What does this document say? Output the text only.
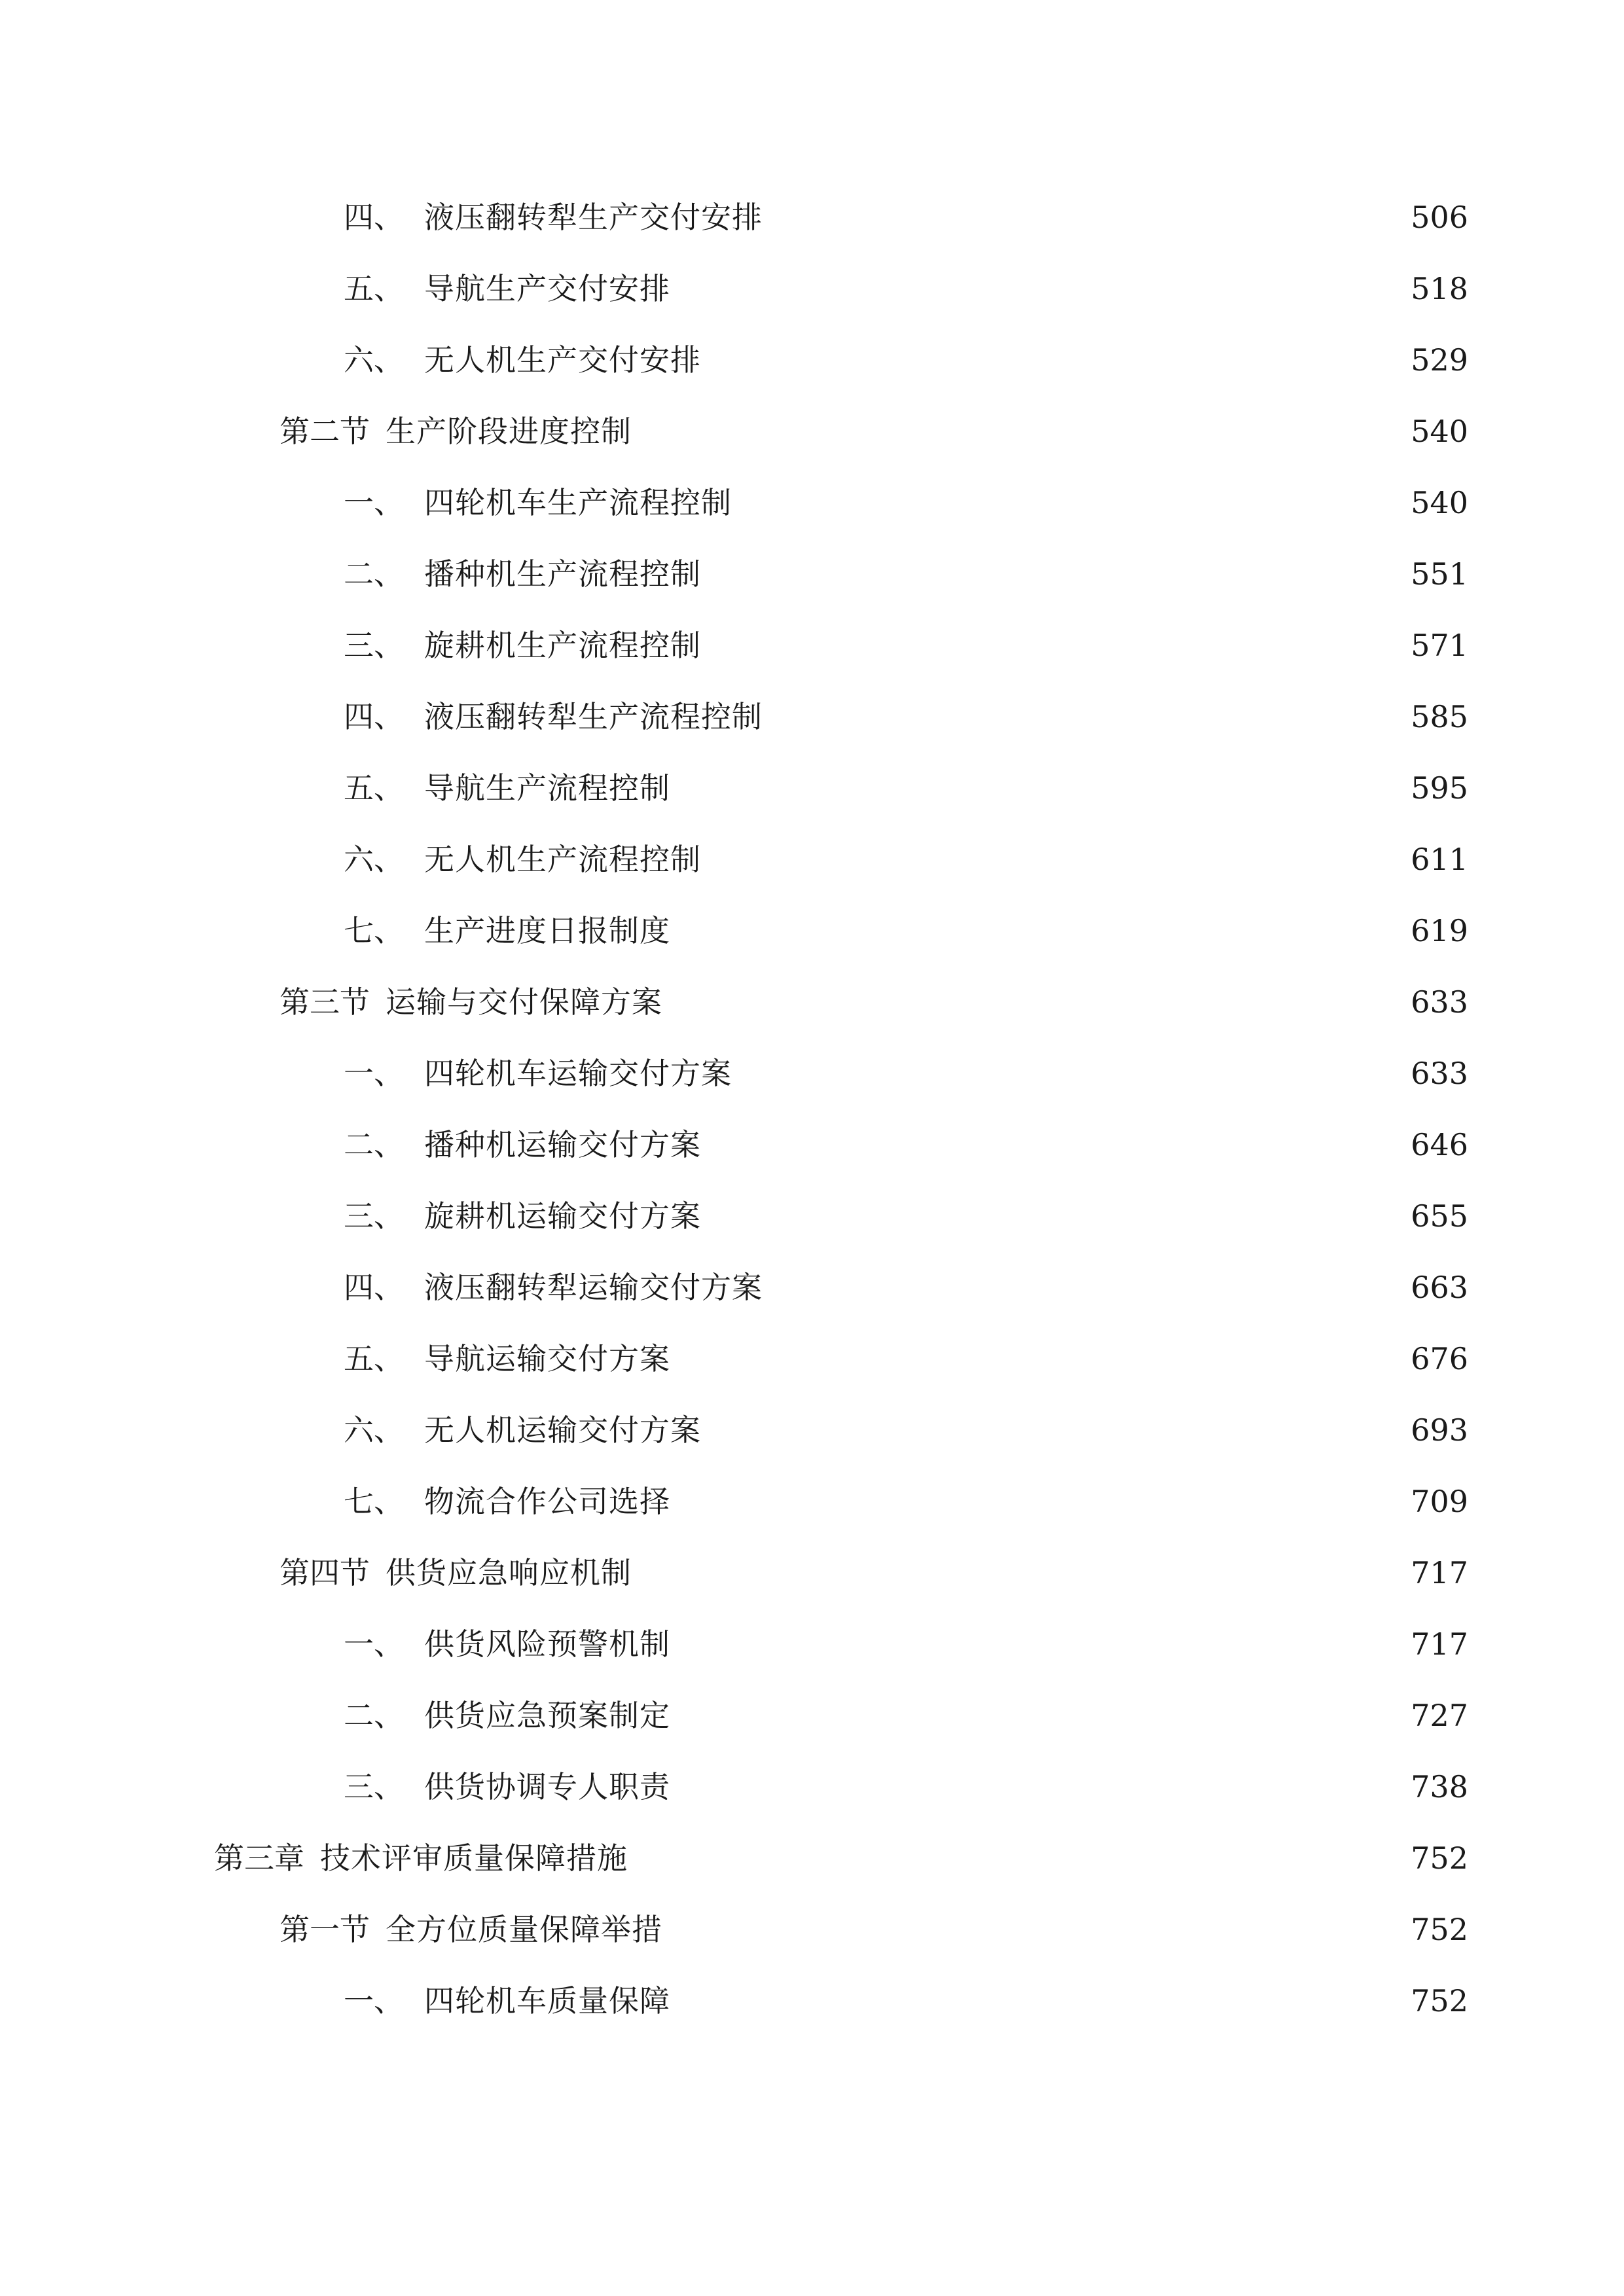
四、 液压翻转犁生产交付安排	506
五、 导航生产交付安排	518
六、 无人机生产交付安排	529
第二节 生产阶段进度控制	540
一、 四轮机车生产流程控制	540
二、 播种机生产流程控制	551
三、 旋耕机生产流程控制	571
四、 液压翻转犁生产流程控制	585
五、 导航生产流程控制	595
六、 无人机生产流程控制	611
七、 生产进度日报制度	619
第三节 运输与交付保障方案	633
一、 四轮机车运输交付方案	633
二、 播种机运输交付方案	646
三、 旋耕机运输交付方案	655
四、 液压翻转犁运输交付方案	663
五、 导航运输交付方案	676
六、 无人机运输交付方案	693
七、 物流合作公司选择	709
第四节 供货应急响应机制	717
一、 供货风险预警机制	717
二、 供货应急预案制定	727
三、 供货协调专人职责	738
第三章 技术评审质量保障措施	752
第一节 全方位质量保障举措	752
一、 四轮机车质量保障	752
